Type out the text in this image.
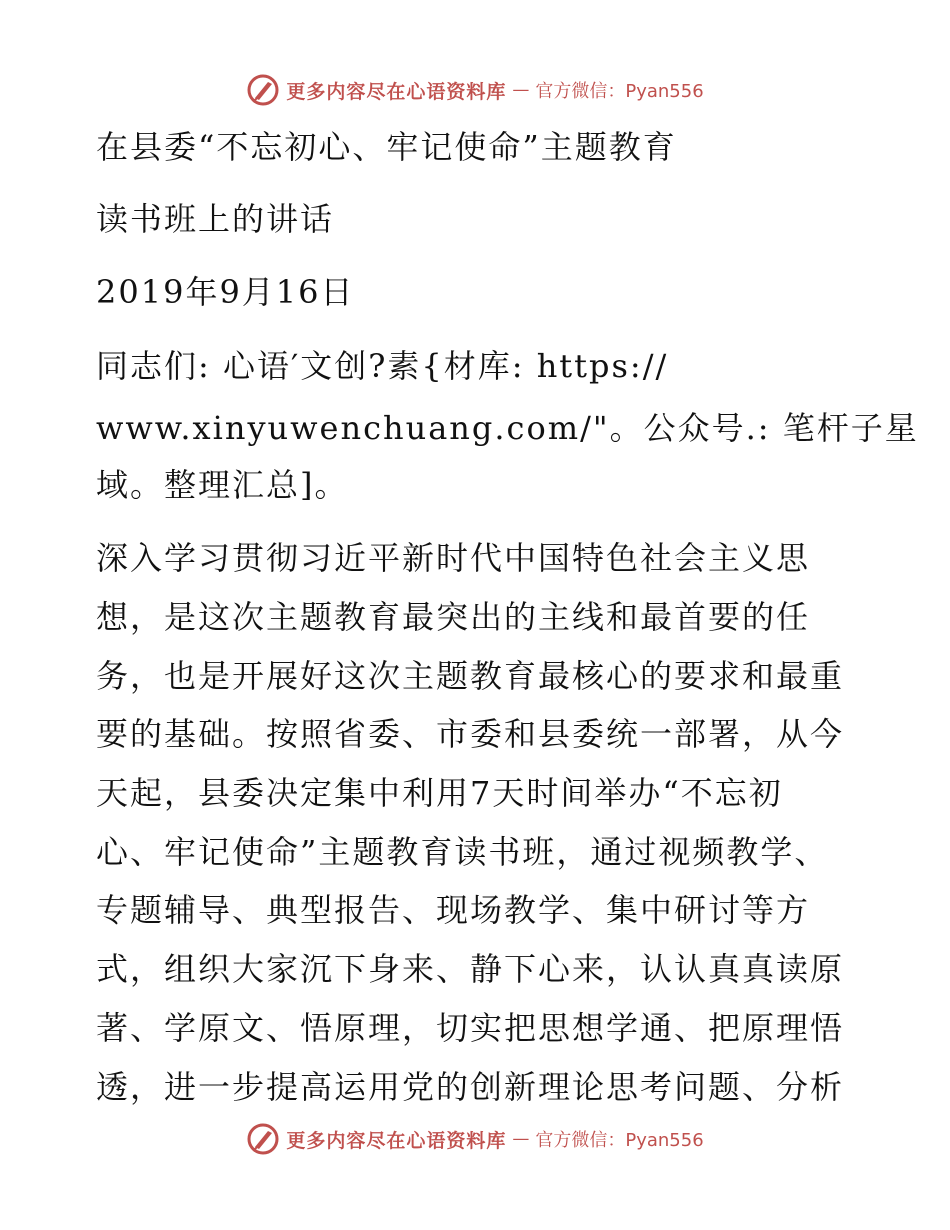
更多内容尽在心语资料库 — 官方微信：Pyan556
在县委“不忘初心、牢记使命”主题教育
读书班上的讲话
2019年9月16日
同志们: 心语′文创?素{材库: https://
www.xinyuwenchuang.com/"。公众号.: 笔杆子星
域。整理汇总]。
深入学习贯彻习近平新时代中国特色社会主义思
想，是这次主题教育最突出的主线和最首要的任
务，也是开展好这次主题教育最核心的要求和最重
要的基础。按照省委、市委和县委统一部署，从今
天起，县委决定集中利用7天时间举办“不忘初
心、牢记使命”主题教育读书班，通过视频教学、
专题辅导、典型报告、现场教学、集中研讨等方
式，组织大家沉下身来、静下心来，认认真真读原
著、学原文、悟原理，切实把思想学通、把原理悟
透，进一步提高运用党的创新理论思考问题、分析
更多内容尽在心语资料库 — 官方微信：Pyan556
